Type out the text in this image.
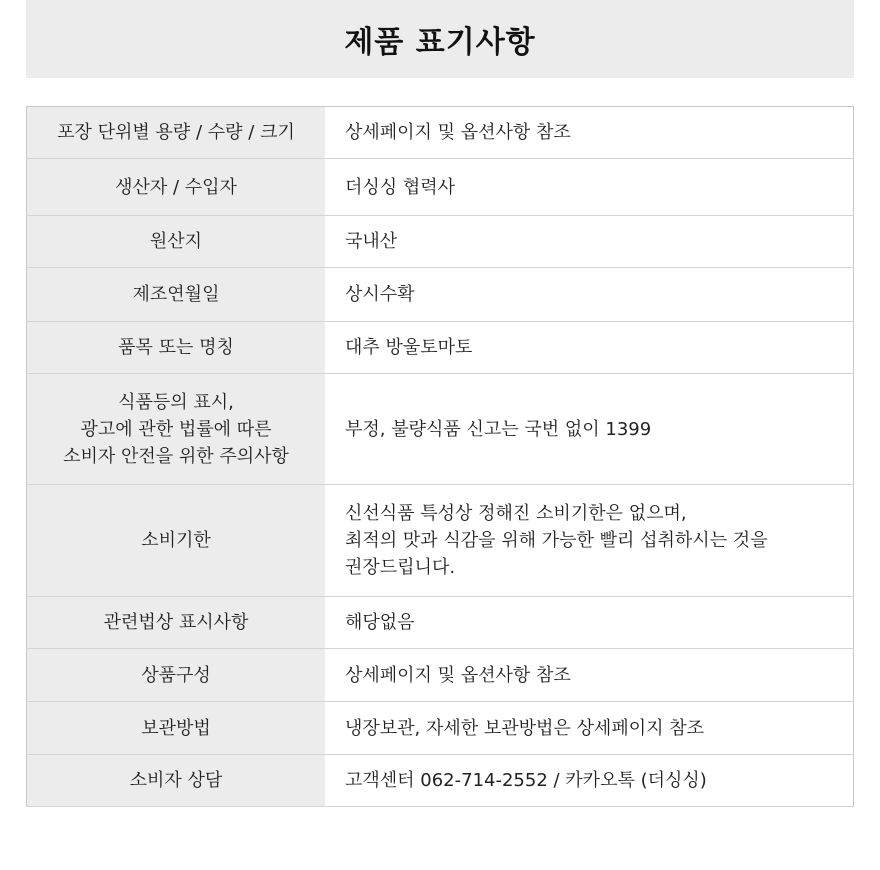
제품 표기사항
포장 단위별 용량 / 수량 / 크기	상세페이지 및 옵션사항 참조
생산자 / 수입자	더싱싱 협력사
원산지	국내산
제조연월일	상시수확
품목 또는 명칭	대추 방울토마토
식품등의 표시,
광고에 관한 법률에 따른
소비자 안전을 위한 주의사항	부정, 불량식품 신고는 국번 없이 1399
소비기한	신선식품 특성상 정해진 소비기한은 없으며,
최적의 맛과 식감을 위해 가능한 빨리 섭취하시는 것을
권장드립니다.
관련법상 표시사항	해당없음
상품구성	상세페이지 및 옵션사항 참조
보관방법	냉장보관, 자세한 보관방법은 상세페이지 참조
소비자 상담	고객센터 062-714-2552 / 카카오톡 (더싱싱)
